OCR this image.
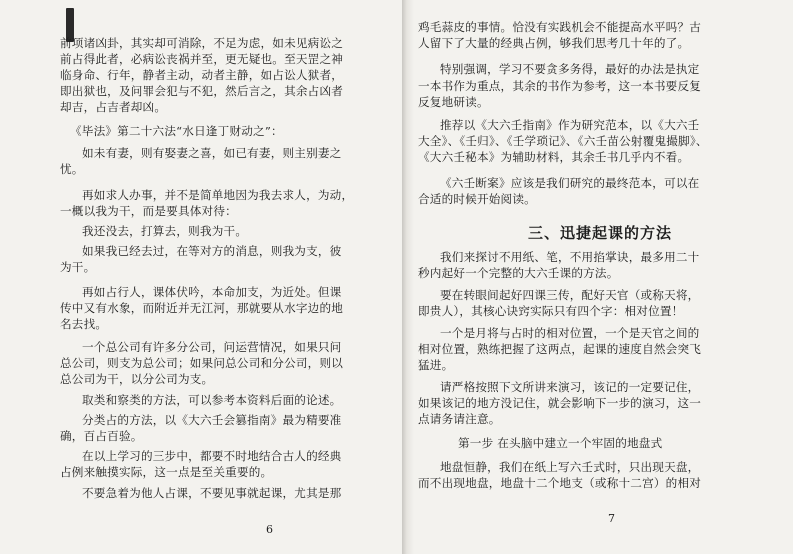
前项诸凶卦，其实却可消除，不足为虑，如未见病讼之
前占得此者，必病讼丧祸并至，更无疑也。至天罡之神
临身命、行年，静者主动，动者主静，如占讼人狱者，
即出狱也，及问罪会犯与不犯，然后言之，其余占凶者
却吉，占吉者却凶。
《毕法》第二十六法“水日逢丁财动之”：
如未有妻，则有娶妻之喜，如已有妻，则主别妻之
忧。
再如求人办事，并不是简单地因为我去求人，为动，
一概以我为干，而是要具体对待：
我还没去，打算去，则我为干。
如果我已经去过，在等对方的消息，则我为支，彼
为干。
再如占行人，课体伏吟，本命加支，为近处。但课
传中又有水象，而附近并无江河，那就要从水字边的地
名去找。
一个总公司有许多分公司，问运营情况，如果只问
总公司，则支为总公司；如果问总公司和分公司，则以
总公司为干，以分公司为支。
取类和察类的方法，可以参考本资料后面的论述。
分类占的方法，以《大六壬会篡指南》最为精要准
确，百占百验。
在以上学习的三步中，都要不时地结合古人的经典
占例来触摸实际，这一点是至关重要的。
不要急着为他人占课，不要见事就起课，尤其是那
6
鸡毛蒜皮的事情。恰没有实践机会不能提高水平吗？古
人留下了大量的经典占例，够我们思考几十年的了。
特别强调，学习不要贪多务得，最好的办法是执定
一本书作为重点，其余的书作为参考，这一本书要反复
反复地研读。
推荐以《大六壬指南》作为研究范本，以《大六壬
大全》、《壬归》、《壬学琐记》、《六壬苗公射覆鬼撮脚》、
《大六壬秘本》为辅助材料，其余壬书几乎内不看。
《六壬断案》应该是我们研究的最终范本，可以在
合适的时候开始阅读。
三、迅捷起课的方法
我们来探讨不用纸、笔，不用掐掌诀，最多用二十
秒内起好一个完整的大六壬课的方法。
要在转眼间起好四课三传，配好天官（或称天将，
即贵人），其核心诀窍实际只有四个字：相对位置！
一个是月将与占时的相对位置，一个是天官之间的
相对位置，熟练把握了这两点，起课的速度自然会突飞
猛进。
请严格按照下文所讲来演习，该记的一定要记住，
如果该记的地方没记住，就会影响下一步的演习，这一
点请务请注意。
第一步 在头脑中建立一个牢固的地盘式
地盘恒静，我们在纸上写六壬式时，只出现天盘，
而不出现地盘，地盘十二个地支（或称十二宫）的相对
7
